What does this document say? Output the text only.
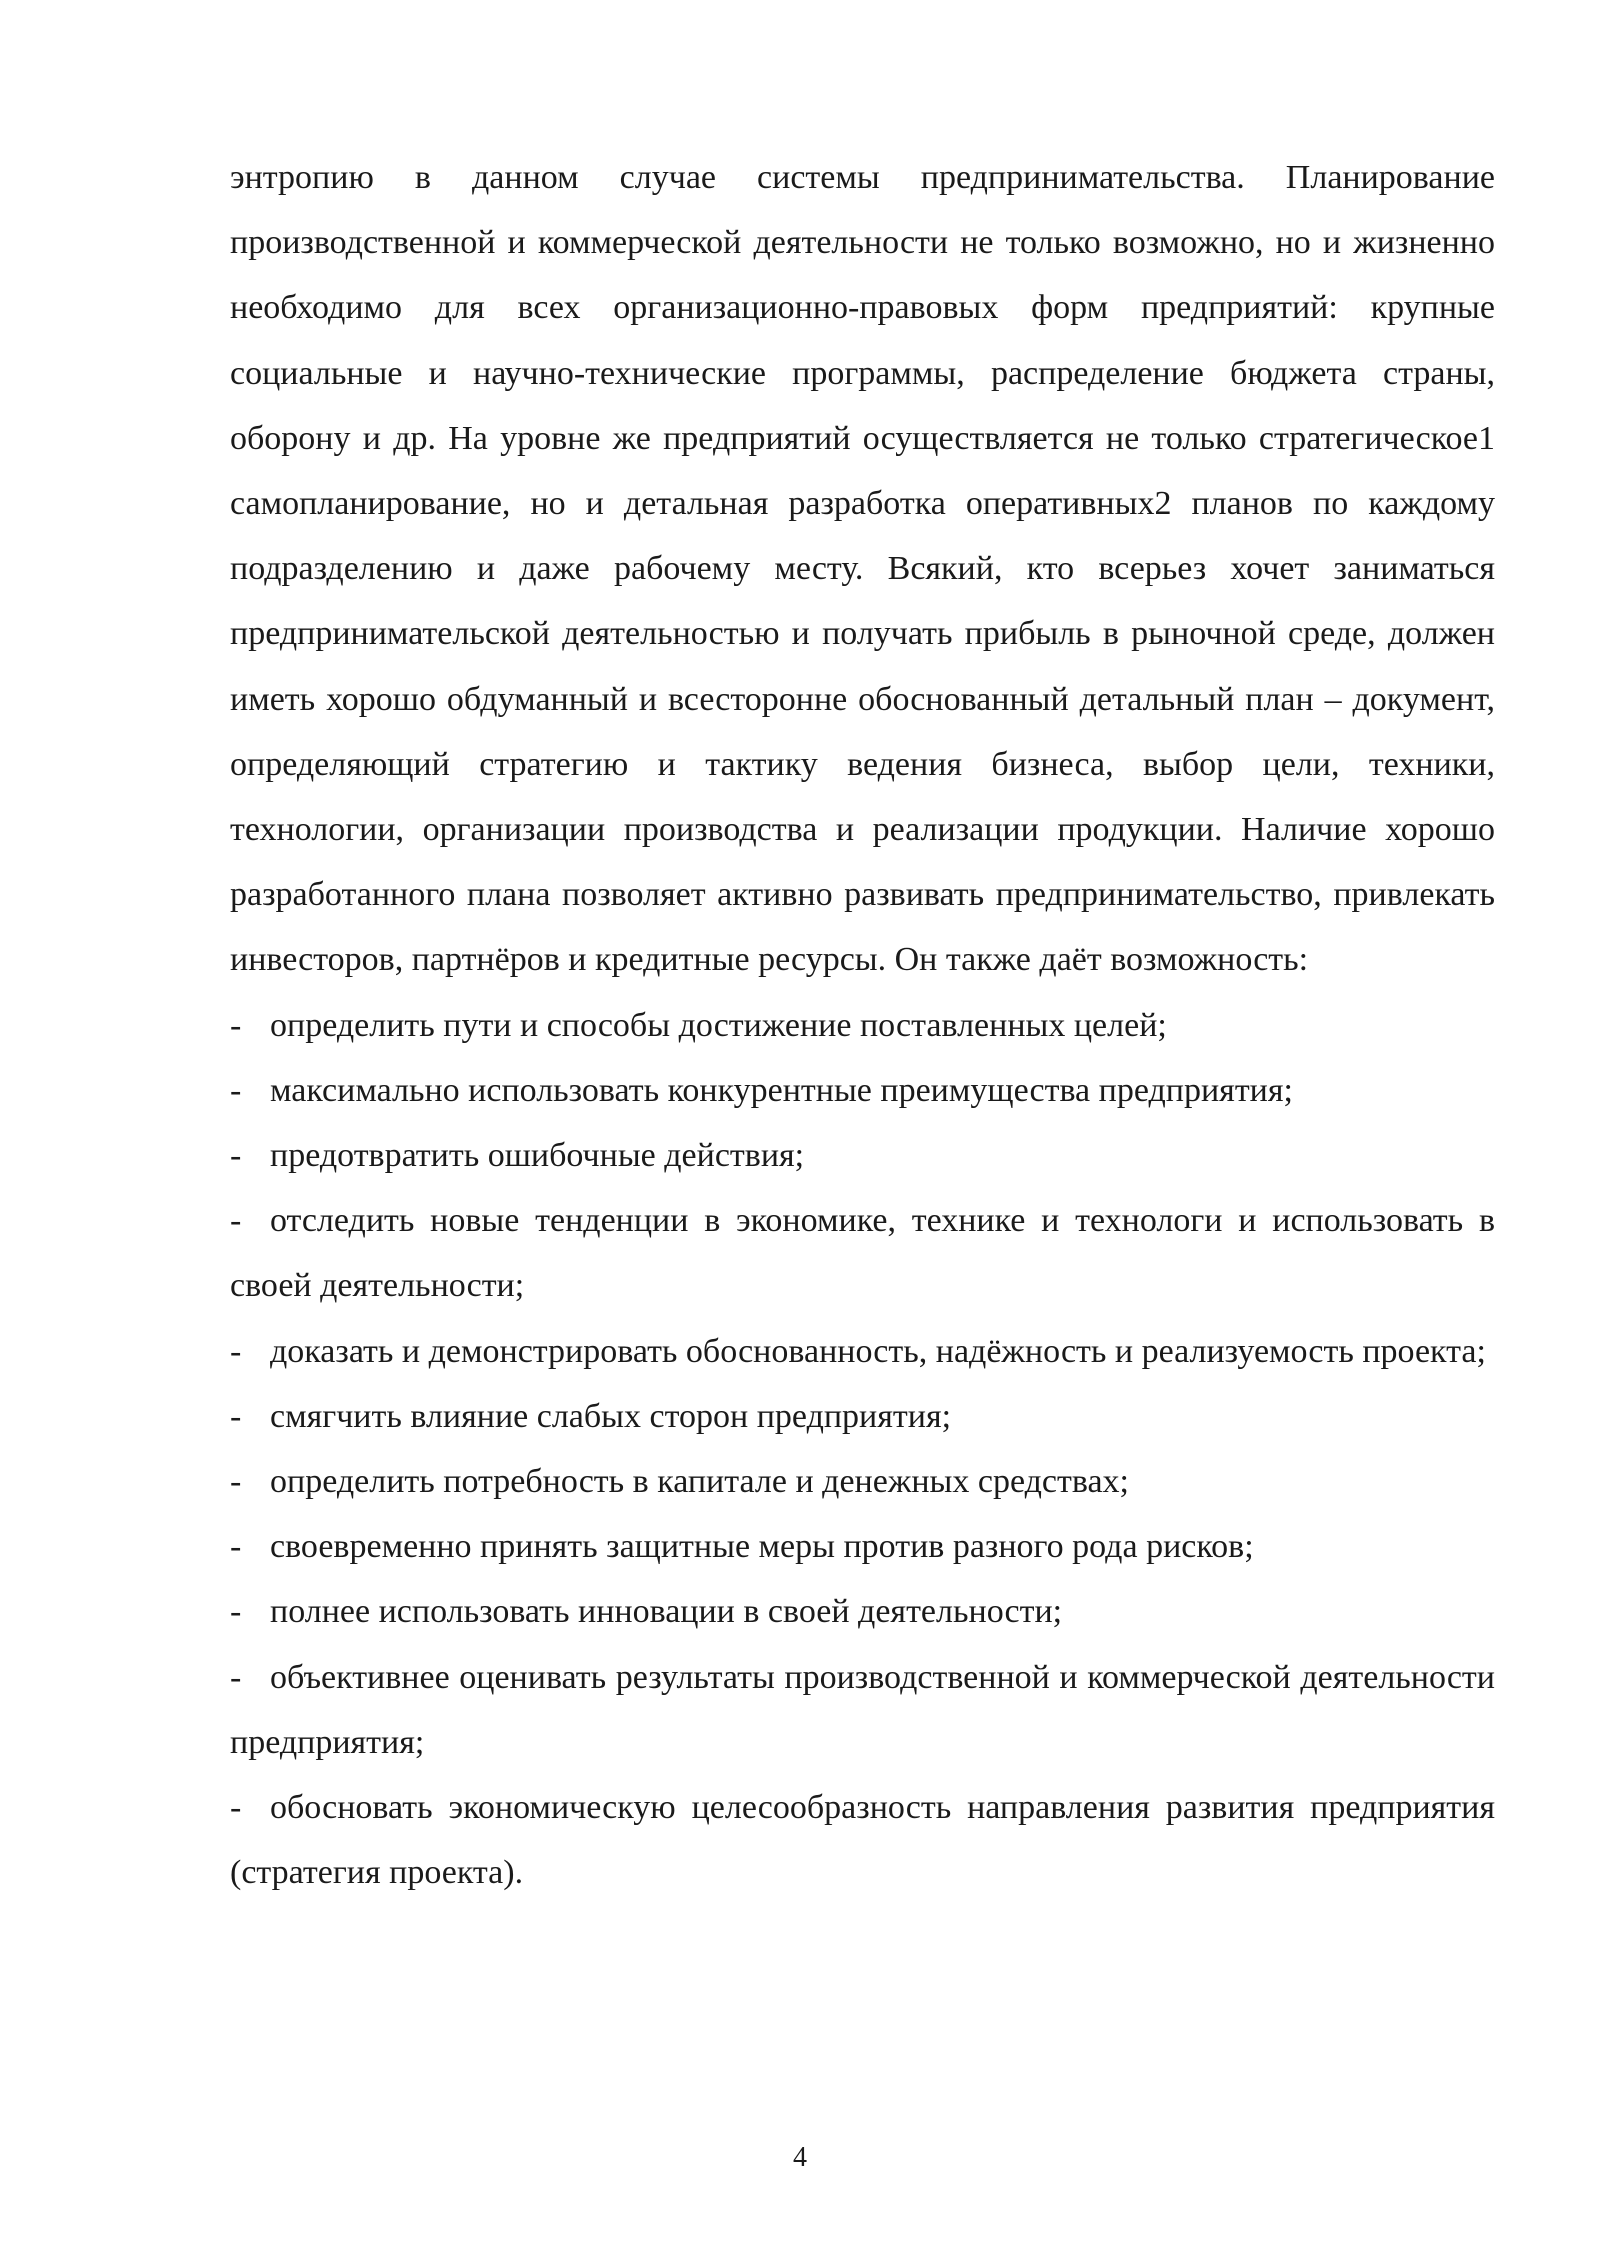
энтропию в данном случае системы предпринимательства. Планирование производственной и коммерческой деятельности не только возможно, но и жизненно необходимо для всех организационно-правовых форм предприятий: крупные социальные и научно-технические программы, распределение бюджета страны, оборону и др. На уровне же предприятий осуществляется не только стратегическое1 самопланирование, но и детальная разработка оперативных2 планов по каждому подразделению и даже рабочему месту. Всякий, кто всерьез хочет заниматься предпринимательской деятельностью и получать прибыль в рыночной среде, должен иметь хорошо обдуманный и всесторонне обоснованный детальный план – документ, определяющий стратегию и тактику ведения бизнеса, выбор цели, техники, технологии, организации производства и реализации продукции. Наличие хорошо разработанного плана позволяет активно развивать предпринимательство, привлекать инвесторов, партнёров и кредитные ресурсы. Он также даёт возможность:

- определить пути и способы достижение поставленных целей;
- максимально использовать конкурентные преимущества предприятия;
- предотвратить ошибочные действия;
- отследить новые тенденции в экономике, технике и технологи и использовать в своей деятельности;
- доказать и демонстрировать обоснованность, надёжность и реализуемость проекта;
- смягчить влияние слабых сторон предприятия;
- определить потребность в капитале и денежных средствах;
- своевременно принять защитные меры против разного рода рисков;
- полнее использовать инновации в своей деятельности;
- объективнее оценивать результаты производственной и коммерческой деятельности предприятия;
- обосновать экономическую целесообразность направления развития предприятия (стратегия проекта).
4
